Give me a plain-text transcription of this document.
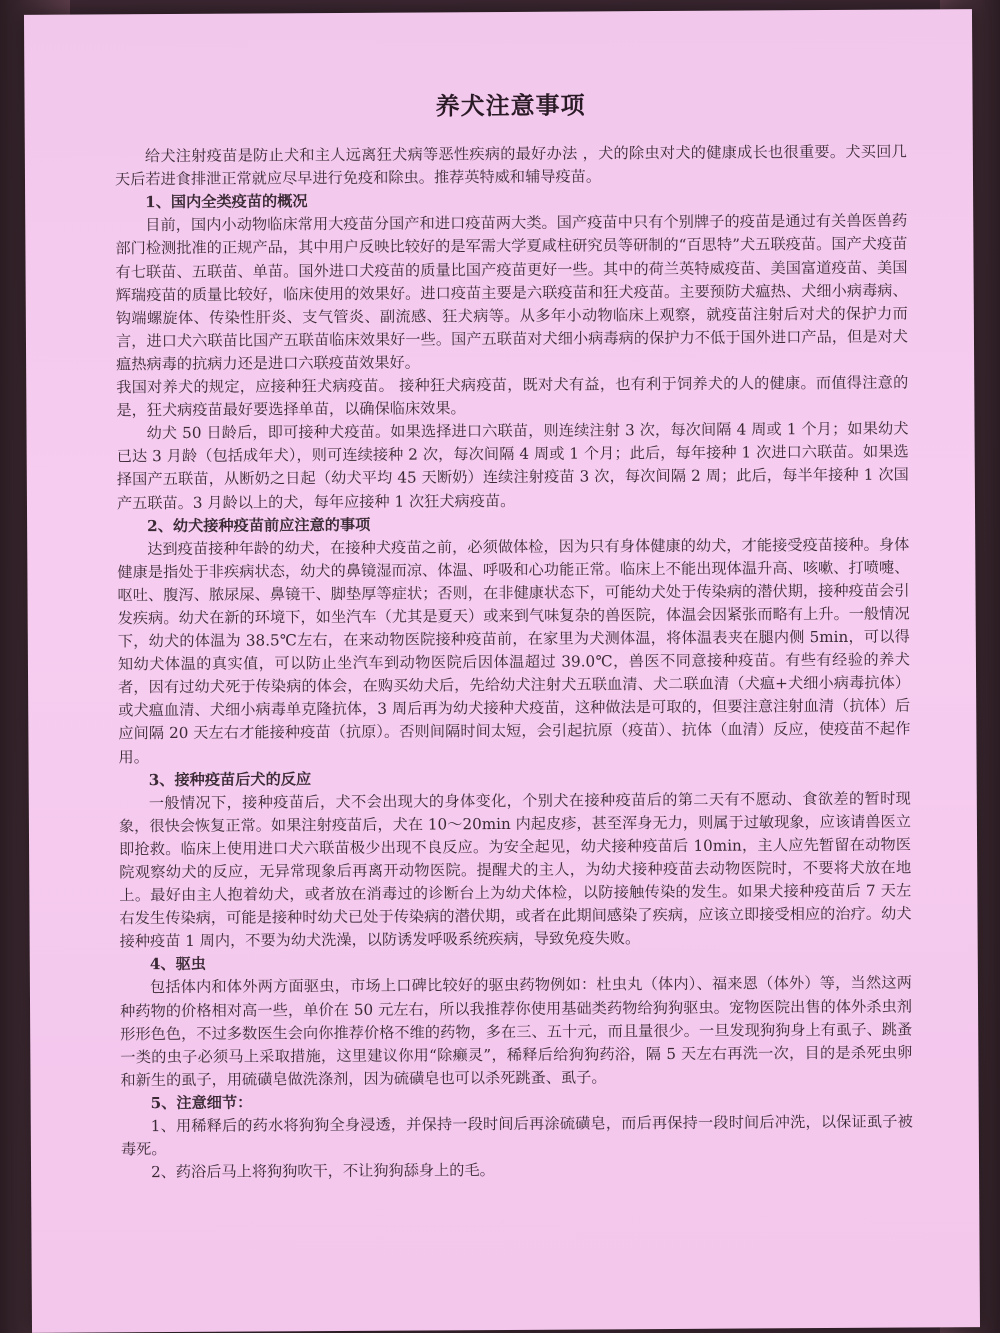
养犬注意事项

给犬注射疫苗是防止犬和主人远离狂犬病等恶性疾病的最好办法 ，犬的除虫对犬的健康成长也很重要。犬买回几天后若进食排泄正常就应尽早进行免疫和除虫。推荐英特威和辅导疫苗。

1、国内全类疫苗的概况

目前，国内小动物临床常用大疫苗分国产和进口疫苗两大类。国产疫苗中只有个别牌子的疫苗是通过有关兽医兽药部门检测批准的正规产品，其中用户反映比较好的是军需大学夏咸柱研究员等研制的“百思特”犬五联疫苗。国产犬疫苗有七联苗、五联苗、单苗。国外进口犬疫苗的质量比国产疫苗更好一些。其中的荷兰英特威疫苗、美国富道疫苗、美国辉瑞疫苗的质量比较好，临床使用的效果好。进口疫苗主要是六联疫苗和狂犬疫苗。主要预防犬瘟热、犬细小病毒病、钩端螺旋体、传染性肝炎、支气管炎、副流感、狂犬病等。从多年小动物临床上观察，就疫苗注射后对犬的保护力而言，进口犬六联苗比国产五联苗临床效果好一些。国产五联苗对犬细小病毒病的保护力不低于国外进口产品，但是对犬瘟热病毒的抗病力还是进口六联疫苗效果好。

我国对养犬的规定，应接种狂犬病疫苗。 接种狂犬病疫苗，既对犬有益，也有利于饲养犬的人的健康。而值得注意的是，狂犬病疫苗最好要选择单苗，以确保临床效果。

幼犬 50 日龄后，即可接种犬疫苗。如果选择进口六联苗，则连续注射 3 次，每次间隔 4 周或 1 个月；如果幼犬已达 3 月龄（包括成年犬），则可连续接种 2 次，每次间隔 4 周或 1 个月；此后，每年接种 1 次进口六联苗。如果选择国产五联苗，从断奶之日起（幼犬平均 45 天断奶）连续注射疫苗 3 次，每次间隔 2 周；此后，每半年接种 1 次国产五联苗。3 月龄以上的犬，每年应接种 1 次狂犬病疫苗。

2、幼犬接种疫苗前应注意的事项

达到疫苗接种年龄的幼犬，在接种犬疫苗之前，必须做体检，因为只有身体健康的幼犬，才能接受疫苗接种。身体健康是指处于非疾病状态，幼犬的鼻镜湿而凉、体温、呼吸和心功能正常。临床上不能出现体温升高、咳嗽、打喷嚏、呕吐、腹泻、脓尿屎、鼻镜干、脚垫厚等症状；否则，在非健康状态下，可能幼犬处于传染病的潜伏期，接种疫苗会引发疾病。幼犬在新的环境下，如坐汽车（尤其是夏天）或来到气味复杂的兽医院，体温会因紧张而略有上升。一般情况下，幼犬的体温为 38.5℃左右，在来动物医院接种疫苗前，在家里为犬测体温，将体温表夹在腿内侧 5min，可以得知幼犬体温的真实值，可以防止坐汽车到动物医院后因体温超过 39.0℃，兽医不同意接种疫苗。有些有经验的养犬者，因有过幼犬死于传染病的体会，在购买幼犬后，先给幼犬注射犬五联血清、犬二联血清（犬瘟+犬细小病毒抗体）或犬瘟血清、犬细小病毒单克隆抗体，3 周后再为幼犬接种犬疫苗，这种做法是可取的，但要注意注射血清（抗体）后应间隔 20 天左右才能接种疫苗（抗原）。否则间隔时间太短，会引起抗原（疫苗）、抗体（血清）反应，使疫苗不起作用。

3、接种疫苗后犬的反应

一般情况下，接种疫苗后，犬不会出现大的身体变化，个别犬在接种疫苗后的第二天有不愿动、食欲差的暂时现象，很快会恢复正常。如果注射疫苗后，犬在 10～20min 内起皮疹，甚至浑身无力，则属于过敏现象，应该请兽医立即抢救。临床上使用进口犬六联苗极少出现不良反应。为安全起见，幼犬接种疫苗后 10min，主人应先暂留在动物医院观察幼犬的反应，无异常现象后再离开动物医院。提醒犬的主人，为幼犬接种疫苗去动物医院时，不要将犬放在地上。最好由主人抱着幼犬，或者放在消毒过的诊断台上为幼犬体检，以防接触传染的发生。如果犬接种疫苗后 7 天左右发生传染病，可能是接种时幼犬已处于传染病的潜伏期，或者在此期间感染了疾病，应该立即接受相应的治疗。幼犬接种疫苗 1 周内，不要为幼犬洗澡，以防诱发呼吸系统疾病，导致免疫失败。

4、驱虫

包括体内和体外两方面驱虫，市场上口碑比较好的驱虫药物例如：杜虫丸（体内）、福来恩（体外）等，当然这两种药物的价格相对高一些，单价在 50 元左右，所以我推荐你使用基础类药物给狗狗驱虫。宠物医院出售的体外杀虫剂形形色色，不过多数医生会向你推荐价格不维的药物，多在三、五十元，而且量很少。一旦发现狗狗身上有虱子、跳蚤一类的虫子必须马上采取措施，这里建议你用“除癞灵”，稀释后给狗狗药浴，隔 5 天左右再洗一次，目的是杀死虫卵和新生的虱子，用硫磺皂做洗涤剂，因为硫磺皂也可以杀死跳蚤、虱子。

5、注意细节：

1、用稀释后的药水将狗狗全身浸透，并保持一段时间后再涂硫磺皂，而后再保持一段时间后冲洗，以保证虱子被毒死。

2、药浴后马上将狗狗吹干，不让狗狗舔身上的毛。
